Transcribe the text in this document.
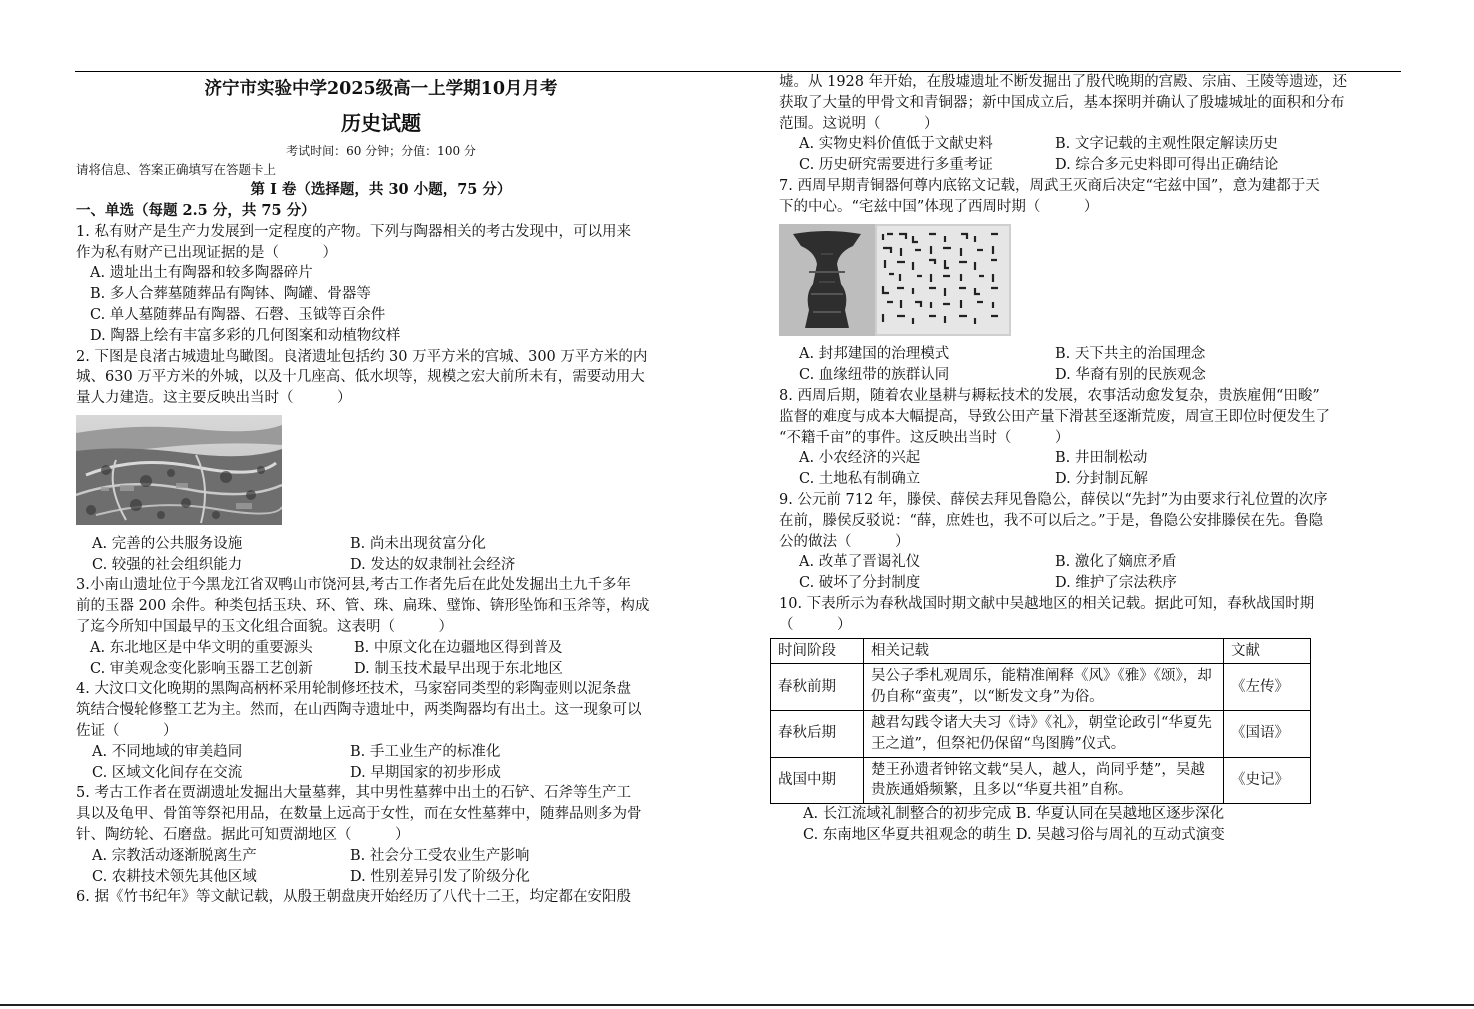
济宁市实验中学2025级高一上学期10月月考
历史试题
考试时间：60 分钟；分值：100 分
请将信息、答案正确填写在答题卡上
第 I 卷（选择题，共 30 小题，75 分）
一、单选（每题 2.5 分，共 75 分）

1. 私有财产是生产力发展到一定程度的产物。下列与陶器相关的考古发现中，可以用来

作为私有财产已出现证据的是（　　　）

A. 遗址出土有陶器和较多陶器碎片
B. 多人合葬墓随葬品有陶钵、陶罐、骨器等
C. 单人墓随葬品有陶器、石磬、玉钺等百余件
D. 陶器上绘有丰富多彩的几何图案和动植物纹样

2. 下图是良渚古城遗址鸟瞰图。良渚遗址包括约 30 万平方米的宫城、300 万平方米的内

城、630 万平方米的外城，以及十几座高、低水坝等，规模之宏大前所未有，需要动用大

量人力建造。这主要反映出当时（　　　）

A. 完善的公共服务设施	B. 尚未出现贫富分化
C. 较强的社会组织能力	D. 发达的奴隶制社会经济

3.小南山遗址位于今黑龙江省双鸭山市饶河县,考古工作者先后在此处发掘出土九千多年

前的玉器 200 余件。种类包括玉玦、环、管、珠、扁珠、璧饰、锛形坠饰和玉斧等，构成

了迄今所知中国最早的玉文化组合面貌。这表明（　　　）

A. 东北地区是中华文明的重要源头	B. 中原文化在边疆地区得到普及
C. 审美观念变化影响玉器工艺创新	D. 制玉技术最早出现于东北地区

4. 大汶口文化晚期的黑陶高柄杯采用轮制修坯技术，马家窑同类型的彩陶壶则以泥条盘

筑结合慢轮修整工艺为主。然而，在山西陶寺遗址中，两类陶器均有出土。这一现象可以

佐证（　　　）

A. 不同地域的审美趋同	B. 手工业生产的标准化
C. 区域文化间存在交流	D. 早期国家的初步形成

5. 考古工作者在贾湖遗址发掘出大量墓葬，其中男性墓葬中出土的石铲、石斧等生产工

具以及龟甲、骨笛等祭祀用品，在数量上远高于女性，而在女性墓葬中，随葬品则多为骨

针、陶纺轮、石磨盘。据此可知贾湖地区（　　　）

A. 宗教活动逐渐脱离生产	B. 社会分工受农业生产影响
C. 农耕技术领先其他区域	D. 性别差异引发了阶级分化

6. 据《竹书纪年》等文献记载，从殷王朝盘庚开始经历了八代十二王，均定都在安阳殷

墟。从 1928 年开始，在殷墟遗址不断发掘出了殷代晚期的宫殿、宗庙、王陵等遗迹，还

获取了大量的甲骨文和青铜器；新中国成立后，基本探明并确认了殷墟城址的面积和分布

范围。这说明（　　　）

A. 实物史料价值低于文献史料	B. 文字记载的主观性限定解读历史
C. 历史研究需要进行多重考证	D. 综合多元史料即可得出正确结论

7. 西周早期青铜器何尊内底铭文记载，周武王灭商后决定“宅兹中国”，意为建都于天

下的中心。“宅兹中国”体现了西周时期（　　　）

A. 封邦建国的治理模式	B. 天下共主的治国理念
C. 血缘纽带的族群认同	D. 华裔有别的民族观念

8. 西周后期，随着农业垦耕与耨耘技术的发展，农事活动愈发复杂，贵族雇佣“田畯”

监督的难度与成本大幅提高，导致公田产量下滑甚至逐渐荒废，周宣王即位时便发生了

“不籍千亩”的事件。这反映出当时（　　　）

A. 小农经济的兴起	B. 井田制松动
C. 土地私有制确立	D. 分封制瓦解

9. 公元前 712 年，滕侯、薛侯去拜见鲁隐公，薛侯以“先封”为由要求行礼位置的次序

在前，滕侯反驳说：“薛，庶姓也，我不可以后之。”于是，鲁隐公安排滕侯在先。鲁隐

公的做法（　　　）

A. 改革了晋谒礼仪	B. 激化了嫡庶矛盾
C. 破坏了分封制度	D. 维护了宗法秩序

10. 下表所示为春秋战国时期文献中吴越地区的相关记载。据此可知，春秋战国时期

（　　　）

时间阶段	相关记载	文献
春秋前期	吴公子季札观周乐，能精准阐释《风》《雅》《颂》，却仍自称“蛮夷”，以“断发文身”为俗。	《左传》
春秋后期	越君勾践令诸大夫习《诗》《礼》，朝堂论政引“华夏先王之道”，但祭祀仍保留“鸟图腾”仪式。	《国语》
战国中期	楚王孙遗者钟铭文载“吴人，越人，尚同乎楚”，吴越贵族通婚频繁，且多以“华夏共祖”自称。	《史记》
A. 长江流域礼制整合的初步完成 B. 华夏认同在吴越地区逐步深化
C. 东南地区华夏共祖观念的萌生 D. 吴越习俗与周礼的互动式演变
